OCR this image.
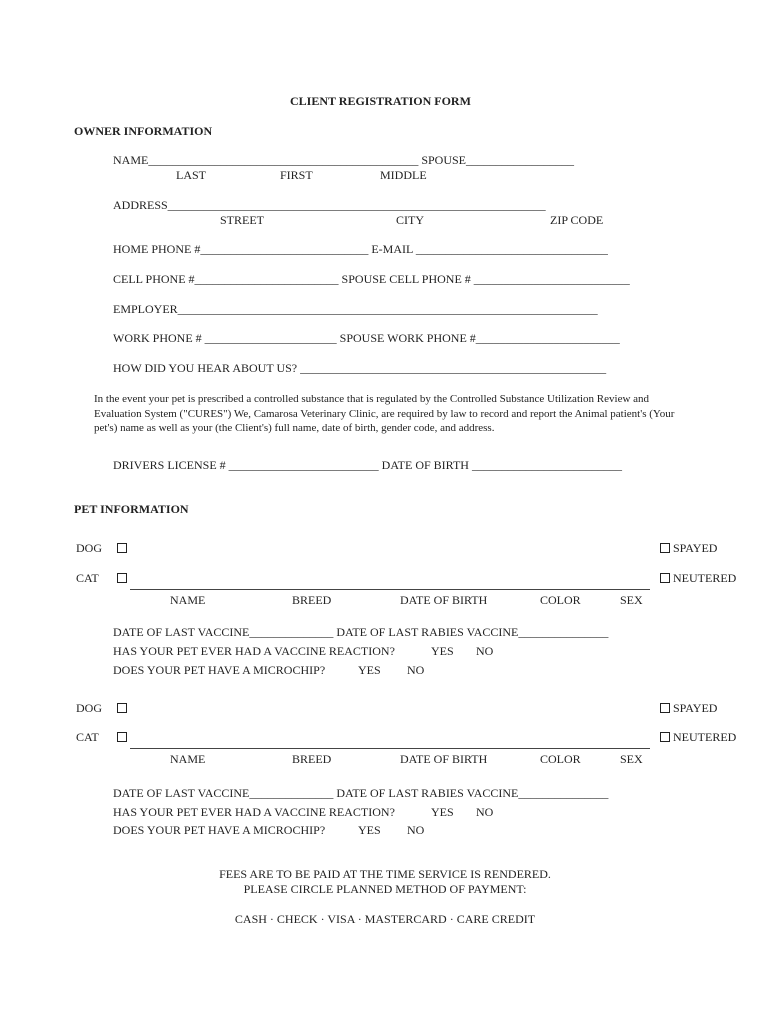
CLIENT REGISTRATION FORM
OWNER INFORMATION
NAME_____________________________________________ SPOUSE__________________
LAST	FIRST	MIDDLE
ADDRESS_______________________________________________________________
STREET	CITY	ZIP CODE
HOME PHONE #____________________________ E-MAIL ________________________________
CELL PHONE #________________________ SPOUSE CELL PHONE # __________________________
EMPLOYER______________________________________________________________________
WORK PHONE # ______________________ SPOUSE WORK PHONE #________________________
HOW DID YOU HEAR ABOUT US? ___________________________________________________
In the event your pet is prescribed a controlled substance that is regulated by the Controlled Substance Utilization Review and Evaluation System ("CURES") We, Camarosa Veterinary Clinic, are required by law to record and report the Animal patient's (Your pet's) name as well as your (the Client's) full name, date of birth, gender code, and address.
DRIVERS LICENSE # _________________________ DATE OF BIRTH _________________________
PET INFORMATION
DOG	SPAYED
CAT	NEUTERED
NAME	BREED	DATE OF BIRTH	COLOR	SEX
DATE OF LAST VACCINE______________ DATE OF LAST RABIES VACCINE_______________
HAS YOUR PET EVER HAD A VACCINE REACTION?	YES NO
DOES YOUR PET HAVE A MICROCHIP?	YES NO
DOG	SPAYED
CAT	NEUTERED
NAME	BREED	DATE OF BIRTH	COLOR	SEX
DATE OF LAST VACCINE______________ DATE OF LAST RABIES VACCINE_______________
HAS YOUR PET EVER HAD A VACCINE REACTION?	YES NO
DOES YOUR PET HAVE A MICROCHIP?	YES NO
FEES ARE TO BE PAID AT THE TIME SERVICE IS RENDERED.
PLEASE CIRCLE PLANNED METHOD OF PAYMENT:
CASH · CHECK · VISA · MASTERCARD · CARE CREDIT
